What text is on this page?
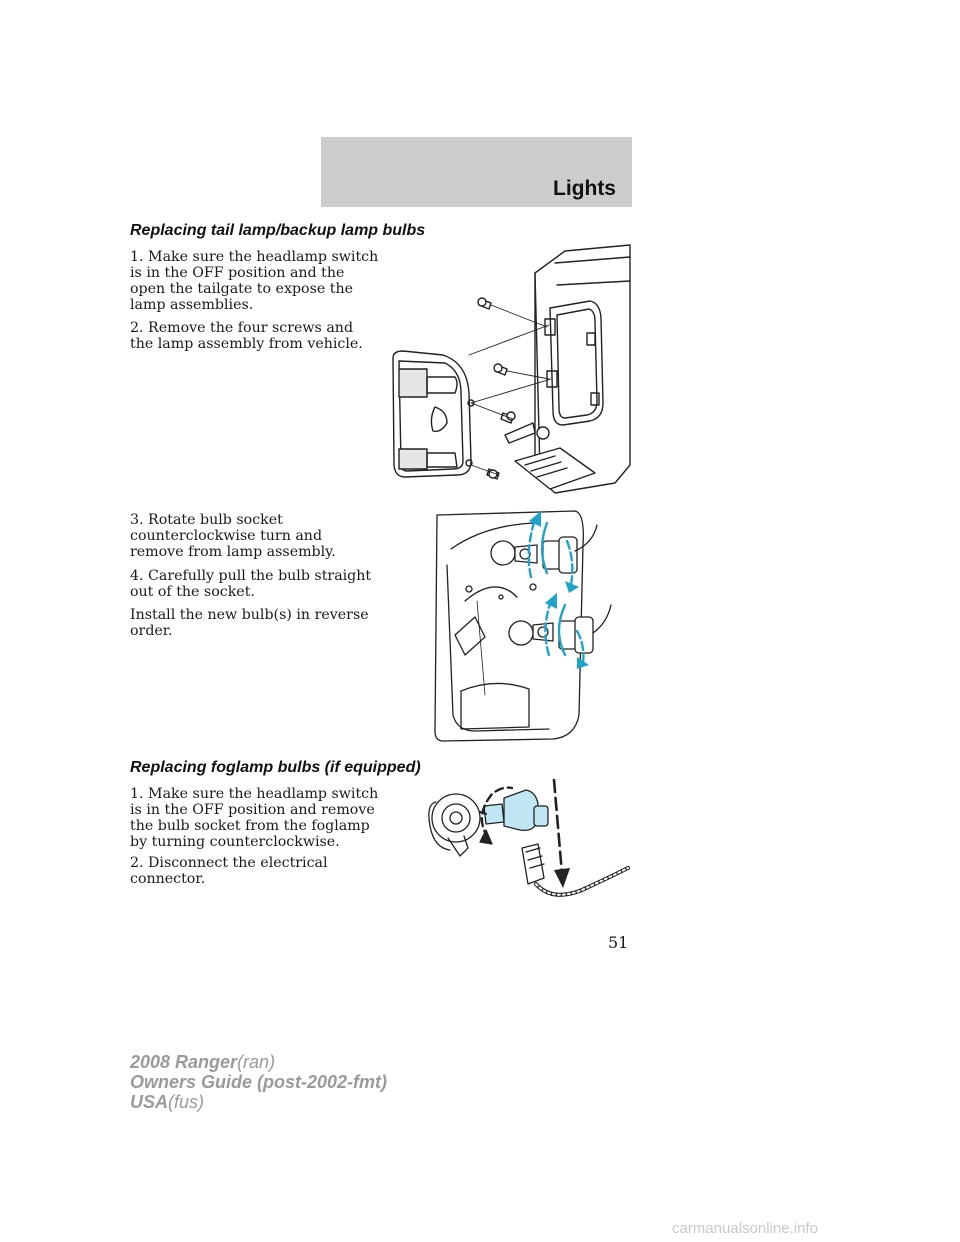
Lights
Replacing tail lamp/backup lamp bulbs
1. Make sure the headlamp switch is in the OFF position and the open the tailgate to expose the lamp assemblies.
2. Remove the four screws and the lamp assembly from vehicle.
3. Rotate bulb socket counterclockwise turn and remove from lamp assembly.
4. Carefully pull the bulb straight out of the socket.
Install the new bulb(s) in reverse order.
Replacing foglamp bulbs (if equipped)
1. Make sure the headlamp switch is in the OFF position and remove the bulb socket from the foglamp by turning counterclockwise.
2. Disconnect the electrical connector.
51
2008 Ranger(ran)
Owners Guide (post-2002-fmt)
USA(fus)
carmanualsonline.info
